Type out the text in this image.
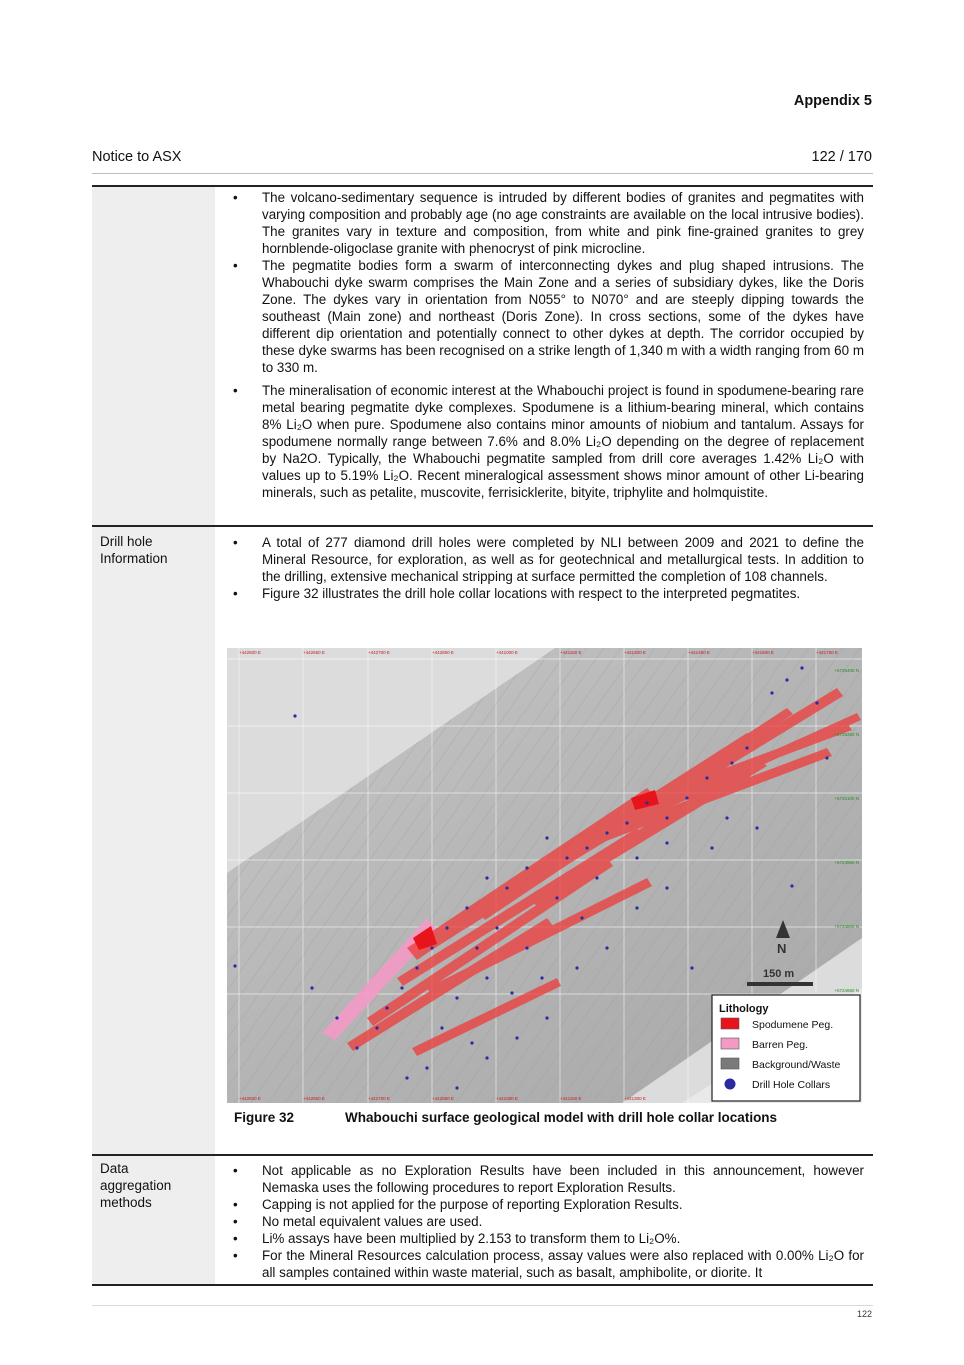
Appendix 5
Notice to ASX	122 / 170
• The volcano-sedimentary sequence is intruded by different bodies of granites and pegmatites with varying composition and probably age (no age constraints are available on the local intrusive bodies). The granites vary in texture and composition, from white and pink fine-grained granites to grey hornblende-oligoclase granite with phenocryst of pink microcline.
• The pegmatite bodies form a swarm of interconnecting dykes and plug shaped intrusions. The Whabouchi dyke swarm comprises the Main Zone and a series of subsidiary dykes, like the Doris Zone. The dykes vary in orientation from N055° to N070° and are steeply dipping towards the southeast (Main zone) and northeast (Doris Zone). In cross sections, some of the dykes have different dip orientation and potentially connect to other dykes at depth. The corridor occupied by these dyke swarms has been recognised on a strike length of 1,340 m with a width ranging from 60 m to 330 m.
• The mineralisation of economic interest at the Whabouchi project is found in spodumene-bearing rare metal bearing pegmatite dyke complexes. Spodumene is a lithium-bearing mineral, which contains 8% Li₂O when pure. Spodumene also contains minor amounts of niobium and tantalum. Assays for spodumene normally range between 7.6% and 8.0% Li₂O depending on the degree of replacement by Na2O. Typically, the Whabouchi pegmatite sampled from drill core averages 1.42% Li₂O with values up to 5.19% Li₂O. Recent mineralogical assessment shows minor amount of other Li-bearing minerals, such as petalite, muscovite, ferrisicklerite, bityite, triphylite and holmquistite.
Drill hole
Information
• A total of 277 diamond drill holes were completed by NLI between 2009 and 2021 to define the Mineral Resource, for exploration, as well as for geotechnical and metallurgical tests. In addition to the drilling, extensive mechanical stripping at surface permitted the completion of 108 channels.
• Figure 32 illustrates the drill hole collar locations with respect to the interpreted pegmatites.
+442600 E	+442650 E	+442700 E	+442850 E	+441000 E	+441150 E	+441300 E	+441450 E	+441600 E	+441750 E
+442600 E	+442650 E	+442700 E	+442850 E	+441000 E	+441150 E	+441300 E
+5725400 N
+5725250 N
+5725100 N
+5724950 N
+5724800 N
+5724650 N
N
150 m
Lithology
Spodumene Peg.
Barren Peg.
Background/Waste
Drill Hole Collars
Figure 32	Whabouchi surface geological model with drill hole collar locations
Data
aggregation
methods
• Not applicable as no Exploration Results have been included in this announcement, however Nemaska uses the following procedures to report Exploration Results.
• Capping is not applied for the purpose of reporting Exploration Results.
• No metal equivalent values are used.
• Li% assays have been multiplied by 2.153 to transform them to Li₂O%.
• For the Mineral Resources calculation process, assay values were also replaced with 0.00% Li₂O for all samples contained within waste material, such as basalt, amphibolite, or diorite. It
122
